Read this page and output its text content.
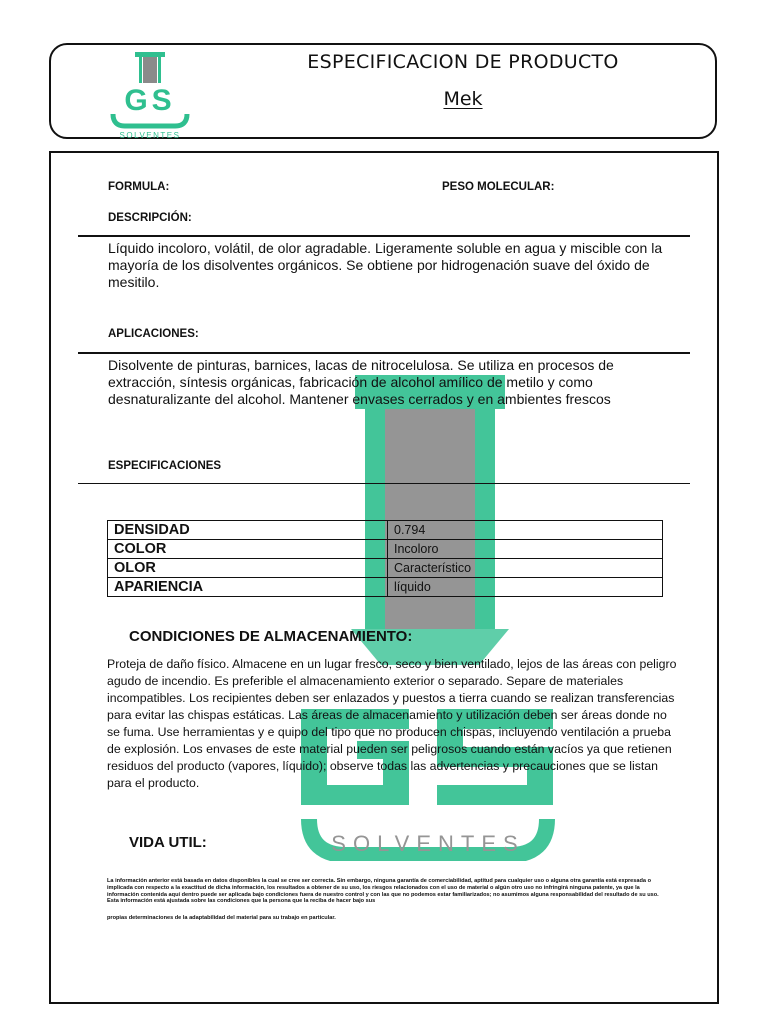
GS
SOLVENTES
ESPECIFICACION DE PRODUCTO
Mek
SOLVENTES
FORMULA:	PESO MOLECULAR:
DESCRIPCIÓN:
Líquido incoloro, volátil, de olor agradable. Ligeramente soluble en agua y miscible con la mayoría de los disolventes orgánicos. Se obtiene por hidrogenación suave del óxido de mesitilo.
APLICACIONES:
Disolvente de pinturas, barnices, lacas de nitrocelulosa. Se utiliza en procesos de extracción, síntesis orgánicas, fabricación de alcohol amílico de metilo y como desnaturalizante del alcohol. Mantener envases cerrados y en ambientes frescos
ESPECIFICACIONES
DENSIDAD	0.794
COLOR	Incoloro
OLOR	Característico
APARIENCIA	líquido
CONDICIONES DE ALMACENAMIENTO:
Proteja de daño físico. Almacene en un lugar fresco, seco y bien ventilado, lejos de las áreas con peligro agudo de incendio. Es preferible el almacenamiento exterior o separado. Separe de materiales incompatibles. Los recipientes deben ser enlazados y puestos a tierra cuando se realizan transferencias para evitar las chispas estáticas. Las áreas de almacenamiento y utilización deben ser áreas donde no se fuma. Use herramientas y e quipo del tipo que no producen chispas, incluyendo ventilación a prueba de explosión. Los envases de este material pueden ser peligrosos cuando están vacíos ya que retienen residuos del producto (vapores, líquido); observe todas las advertencias y precauciones que se listan para el producto.
VIDA UTIL:
La información anterior está basada en datos disponibles la cual se cree ser correcta. Sin embargo, ninguna garantía de comerciabilidad, aptitud para cualquier uso o alguna otra garantía está expresada o implicada con respecto a la exactitud de dicha información, los resultados a obtener de su uso, los riesgos relacionados con el uso de material o algún otro uso no infringirá ninguna patente, ya que la información contenida aquí dentro puede ser aplicada bajo condiciones fuera de nuestro control y con las que no podemos estar familiarizados; no asumimos alguna responsabilidad del resultado de su uso. Esta información está ajustada sobre las condiciones que la persona que la reciba de hacer bajo sus
propias determinaciones de la adaptabilidad del material para su trabajo en particular.
